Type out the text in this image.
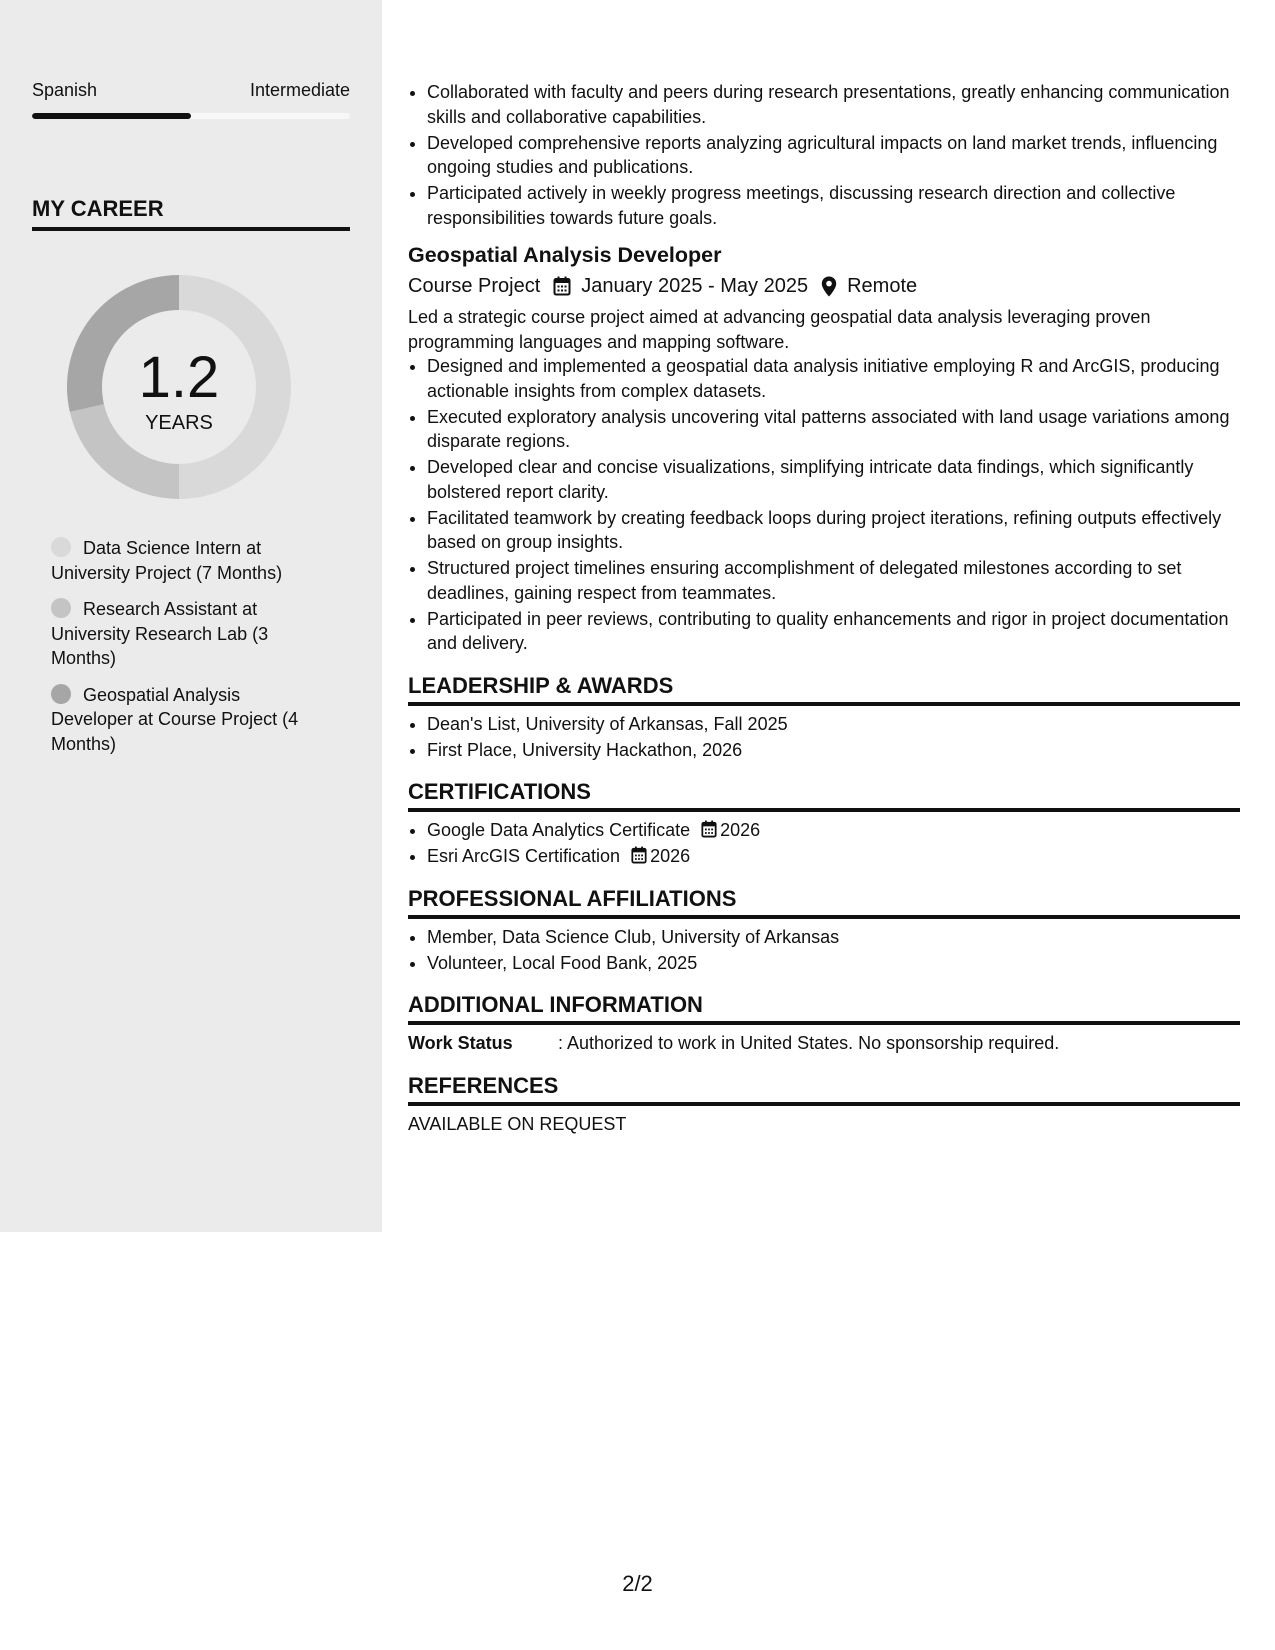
Spanish	Intermediate
MY CAREER
1.2
YEARS
Data Science Intern at University Project (7 Months)
Research Assistant at University Research Lab (3 Months)
Geospatial Analysis Developer at Course Project (4 Months)
• Collaborated with faculty and peers during research presentations, greatly enhancing communication skills and collaborative capabilities.
• Developed comprehensive reports analyzing agricultural impacts on land market trends, influencing ongoing studies and publications.
• Participated actively in weekly progress meetings, discussing research direction and collective responsibilities towards future goals.
Geospatial Analysis Developer
Course Project January 2025 - May 2025 Remote
Led a strategic course project aimed at advancing geospatial data analysis leveraging proven programming languages and mapping software.
• Designed and implemented a geospatial data analysis initiative employing R and ArcGIS, producing actionable insights from complex datasets.
• Executed exploratory analysis uncovering vital patterns associated with land usage variations among disparate regions.
• Developed clear and concise visualizations, simplifying intricate data findings, which significantly bolstered report clarity.
• Facilitated teamwork by creating feedback loops during project iterations, refining outputs effectively based on group insights.
• Structured project timelines ensuring accomplishment of delegated milestones according to set deadlines, gaining respect from teammates.
• Participated in peer reviews, contributing to quality enhancements and rigor in project documentation and delivery.
LEADERSHIP & AWARDS
• Dean's List, University of Arkansas, Fall 2025
• First Place, University Hackathon, 2026
CERTIFICATIONS
• Google Data Analytics Certificate 2026
• Esri ArcGIS Certification 2026
PROFESSIONAL AFFILIATIONS
• Member, Data Science Club, University of Arkansas
• Volunteer, Local Food Bank, 2025
ADDITIONAL INFORMATION
Work Status	: Authorized to work in United States. No sponsorship required.
REFERENCES
AVAILABLE ON REQUEST
2/2
